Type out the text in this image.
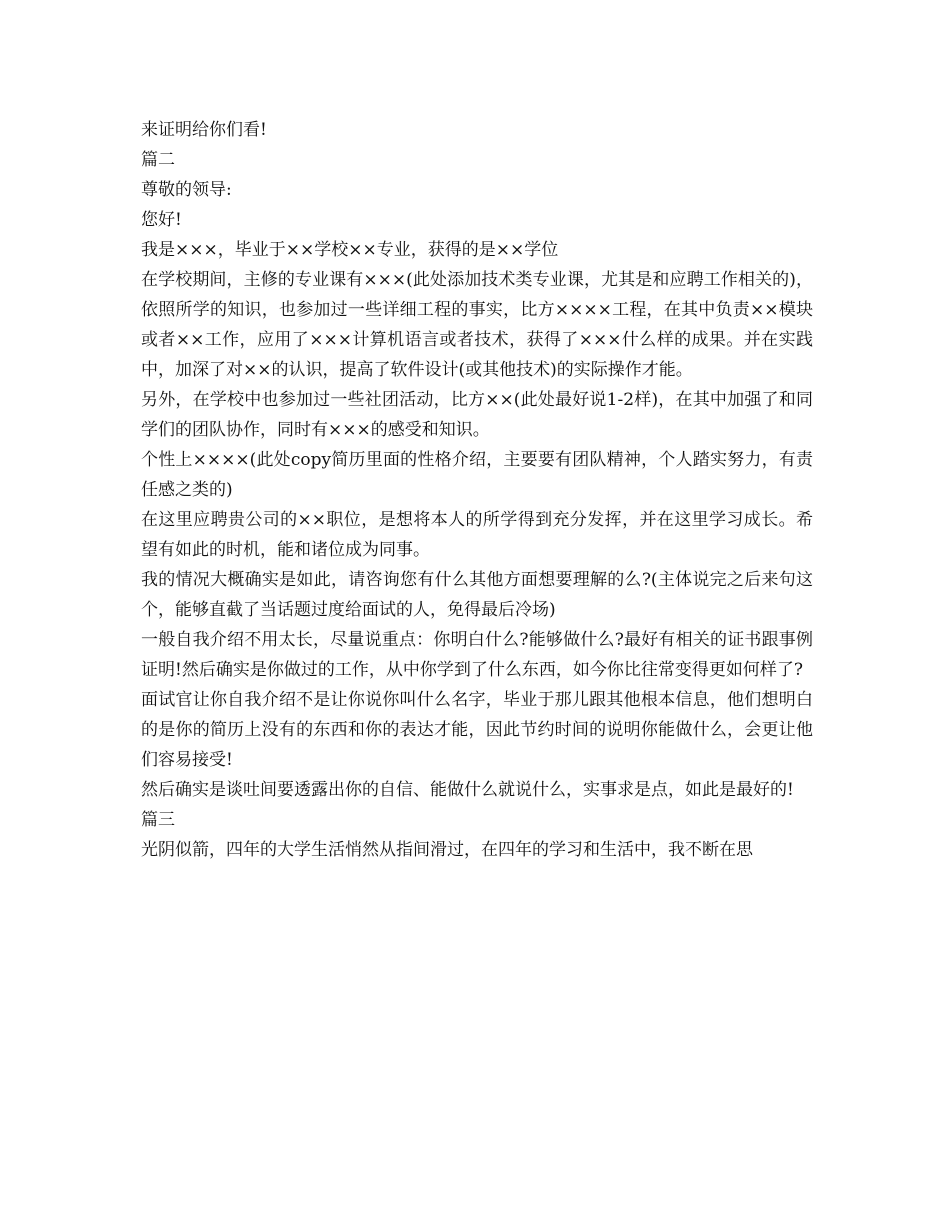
来证明给你们看!

篇二

尊敬的领导:

您好!

我是×××，毕业于××学校××专业，获得的是××学位

在学校期间，主修的专业课有×××(此处添加技术类专业课，尤其是和应聘工作相关的)，依照所学的知识，也参加过一些详细工程的事实，比方××××工程，在其中负责××模块或者××工作，应用了×××计算机语言或者技术，获得了×××什么样的成果。并在实践中，加深了对××的认识，提高了软件设计(或其他技术)的实际操作才能。

另外，在学校中也参加过一些社团活动，比方××(此处最好说1-2样)，在其中加强了和同学们的团队协作，同时有×××的感受和知识。

个性上××××(此处copy简历里面的性格介绍，主要要有团队精神，个人踏实努力，有责任感之类的)

在这里应聘贵公司的××职位，是想将本人的所学得到充分发挥，并在这里学习成长。希望有如此的时机，能和诸位成为同事。

我的情况大概确实是如此，请咨询您有什么其他方面想要理解的么?(主体说完之后来句这个，能够直截了当话题过度给面试的人，免得最后冷场)

一般自我介绍不用太长，尽量说重点：你明白什么?能够做什么?最好有相关的证书跟事例证明!然后确实是你做过的工作，从中你学到了什么东西，如今你比往常变得更如何样了?

面试官让你自我介绍不是让你说你叫什么名字，毕业于那儿跟其他根本信息，他们想明白的是你的简历上没有的东西和你的表达才能，因此节约时间的说明你能做什么，会更让他们容易接受!

然后确实是谈吐间要透露出你的自信、能做什么就说什么，实事求是点，如此是最好的!

篇三

光阴似箭，四年的大学生活悄然从指间滑过，在四年的学习和生活中，我不断在思
